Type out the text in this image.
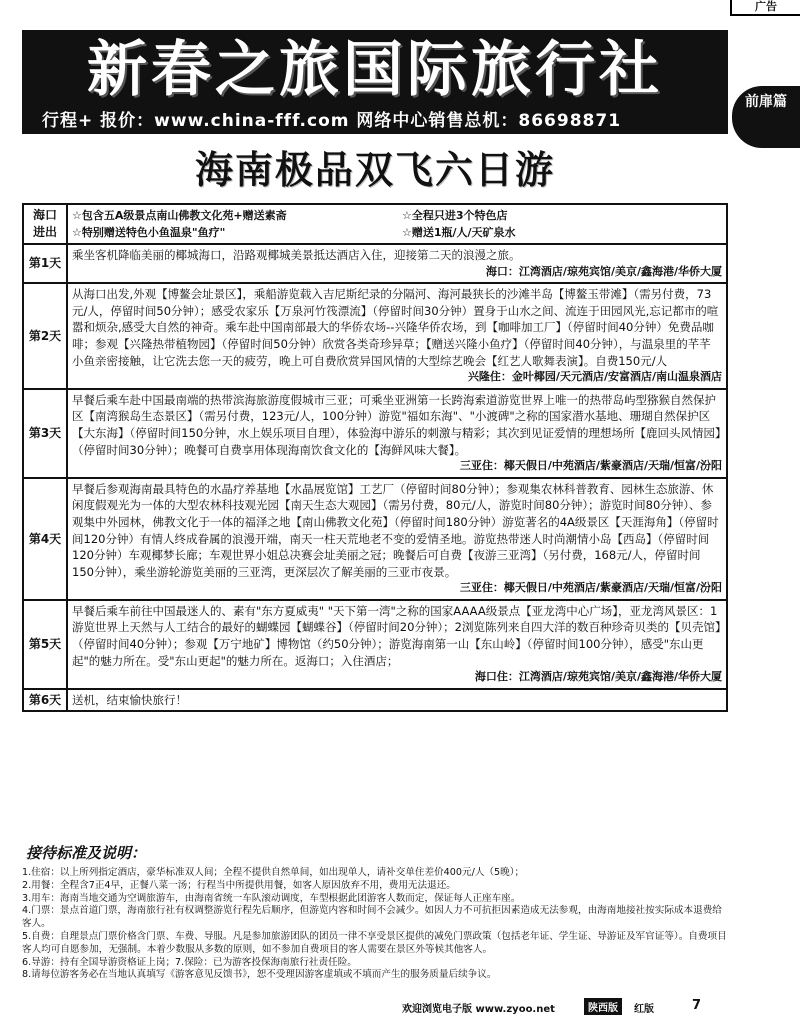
广告
新春之旅国际旅行社
行程+ 报价：www.china-fff.com 网络中心销售总机：86698871
前扉篇
海南极品双飞六日游
海口进出	☆包含五A级景点南山佛教文化苑+赠送素斋 ☆全程只进3个特色店
☆特别赠送特色小鱼温泉"鱼疗" ☆赠送1瓶/人/天矿泉水

第1天	乘坐客机降临美丽的椰城海口，沿路观椰城美景抵达酒店入住，迎接第二天的浪漫之旅。
海口：江湾酒店/琼苑宾馆/美京/鑫海港/华侨大厦

第2天	从海口出发,外观【博鳌会址景区】，乘船游览载入吉尼斯纪录的分隔河、海河最狭长的沙滩半岛【博鳌玉带滩】（需另付费，73元/人，停留时间50分钟）；感受农家乐【万泉河竹筏漂流】（停留时间30分钟）置身于山水之间、流连于田园风光,忘记都市的喧嚣和烦杂,感受大自然的神奇。乘车赴中国南部最大的华侨农场--兴隆华侨农场，到【咖啡加工厂】（停留时间40分钟）免费品咖啡；参观【兴隆热带植物园】（停留时间50分钟）欣赏各类奇珍异草；【赠送兴隆小鱼疗】（停留时间40分钟），与温泉里的芊芊小鱼亲密接触，让它洗去您一天的疲劳，晚上可自费欣赏异国风情的大型综艺晚会【红艺人歌舞表演】。自费150元/人
兴隆住：金叶椰园/天元酒店/安富酒店/南山温泉酒店

第3天	早餐后乘车赴中国最南端的热带滨海旅游度假城市三亚；可乘坐亚洲第一长跨海索道游览世界上唯一的热带岛屿型猕猴自然保护区【南湾猴岛生态景区】（需另付费，123元/人，100分钟）游览"福如东海"、"小渡碑"之称的国家潜水基地、珊瑚自然保护区【大东海】（停留时间150分钟，水上娱乐项目自理），体验海中游乐的刺激与精彩；其次到见证爱情的理想场所【鹿回头风情园】（停留时间30分钟）；晚餐可自费享用体现海南饮食文化的【海鲜风味大餐】。
三亚住：椰天假日/中苑酒店/紫豪酒店/天瑞/恒富/汾阳

第4天	早餐后参观海南最具特色的水晶疗养基地【水晶展览馆】工艺厂（停留时间80分钟）；参观集农林科普教育、园林生态旅游、休闲度假观光为一体的大型农林科技观光园【南天生态大观园】（需另付费，80元/人，游览时间80分钟）；游览时间80分钟）、参观集中外园林，佛教文化于一体的福泽之地【南山佛教文化苑】（停留时间180分钟）游览著名的4A级景区【天涯海角】（停留时间120分钟）有情人终成眷属的浪漫开端，南天一柱天荒地老不变的爱情圣地。游览热带迷人时尚潮情小岛【西岛】（停留时间120分钟）车观椰梦长廊；车观世界小姐总决赛会址美丽之冠；晚餐后可自费【夜游三亚湾】（另付费，168元/人，停留时间150分钟），乘坐游轮游览美丽的三亚湾，更深层次了解美丽的三亚市夜景。
三亚住：椰天假日/中苑酒店/紫豪酒店/天瑞/恒富/汾阳

第5天	早餐后乘车前往中国最迷人的、素有"东方夏威夷" "天下第一湾"之称的国家AAAA级景点【亚龙湾中心广场】，亚龙湾风景区：1游览世界上天然与人工结合的最好的蝴蝶园【蝴蝶谷】（停留时间20分钟）；2浏览陈列来自四大洋的数百种珍奇贝类的【贝壳馆】（停留时间40分钟）；参观【万宁地矿】博物馆（约50分钟）；游览海南第一山【东山岭】（停留时间100分钟），感受"东山更起"的魅力所在。受"东山更起"的魅力所在。返海口；入住酒店；
海口住：江湾酒店/琼苑宾馆/美京/鑫海港/华侨大厦

第6天	送机，结束愉快旅行！
接待标准及说明：
1.住宿：以上所列指定酒店，豪华标准双人间；全程不提供自然单间，如出现单人，请补交单住差价400元/人（5晚）；
2.用餐：全程含7正4早，正餐八菜一汤；行程当中所提供用餐，如客人原因放弃不用，费用无法退还。
3.用车：海南当地交通为空调旅游车，由海南省统一车队滚动调度，车型根据此团游客人数而定，保证每人正座车座。
4.门票：景点首道门票，海南旅行社有权调整游览行程先后顺序，但游览内容和时间不会减少。如因人力不可抗拒因素造成无法参观，由海南地接社按实际成本退费给客人。
5.自费：自理景点门票价格含门票、车费、导服。凡是参加旅游团队的团员一律不享受景区提供的减免门票政策（包括老年证、学生证、导游证及军官证等）。自费项目客人均可自愿参加，无强制。本着少数服从多数的原则，如不参加自费项目的客人需要在景区外等候其他客人。
6.导游：持有全国导游资格证上岗；7.保险：已为游客投保海南旅行社责任险。
8.请每位游客务必在当地认真填写《游客意见反馈书》，恕不受理因游客虚填或不填而产生的服务质量后续争议。
欢迎浏览电子版 www.zyoo.net	陕西版	红版	7
